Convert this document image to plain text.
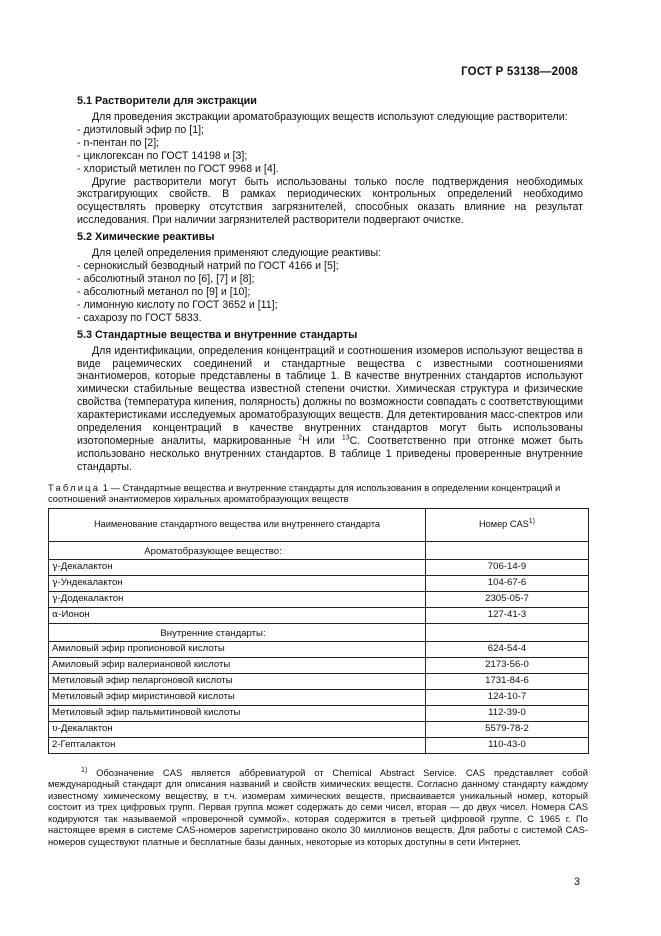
ГОСТ Р 53138—2008
5.1 Растворители для экстракции

Для проведения экстракции ароматобразующих веществ используют следующие растворители:

- диэтиловый эфир по [1];

- n-пентан по [2];

- циклогексан по ГОСТ 14198 и [3];

- хлористый метилен по ГОСТ 9968 и [4].

Другие растворители могут быть использованы только после подтверждения необходимых экстрагирующих свойств. В рамках периодических контрольных определений необходимо осуществлять проверку отсутствия загрязнителей, способных оказать влияние на результат исследования. При наличии загрязнителей растворители подвергают очистке.

5.2 Химические реактивы

Для целей определения применяют следующие реактивы:

- сернокислый безводный натрий по ГОСТ 4166 и [5];

- абсолютный этанол по [6], [7] и [8];

- абсолютный метанол по [9] и [10];

- лимонную кислоту по ГОСТ 3652 и [11];

- сахарозу по ГОСТ 5833.

5.3 Стандартные вещества и внутренние стандарты

Для идентификации, определения концентраций и соотношения изомеров используют вещества в виде рацемических соединений и стандартные вещества с известными соотношениями энантиомеров, которые представлены в таблице 1. В качестве внутренних стандартов используют химически стабильные вещества известной степени очистки. Химическая структура и физические свойства (температура кипения, полярность) должны по возможности совпадать с соответствующими характеристиками исследуемых ароматобразующих веществ. Для детектирования масс-спектров или определения концентраций в качестве внутренних стандартов могут быть использованы изотопомерные аналиты, маркированные $^2$H или $^{13}$C. Соответственно при отгонке может быть использовано несколько внутренних стандартов. В таблице 1 приведены проверенные внутренние стандарты.

Таблица 1 — Стандартные вещества и внутренние стандарты для использования в определении концентраций и соотношений энантиомеров хиральных ароматобразующих веществ
Наименование стандартного вещества или внутреннего стандарта	Номер CAS$^{1)}$
Ароматобразующее вещество:	
γ-Декалактон	706-14-9
γ-Ундекалактон	104-67-6
γ-Додекалактон	2305-05-7
α-Ионон	127-41-3
Внутренние стандарты:	
Амиловый эфир пропионовой кислоты	624-54-4
Амиловый эфир валериановой кислоты	2173-56-0
Метиловый эфир пеларгоновой кислоты	1731-84-6
Метиловый эфир миристиновой кислоты	124-10-7
Метиловый эфир пальмитиновой кислоты	112-39-0
υ-Декалактон	5579-78-2
2-Гепталактон	110-43-0

$^{1)}$ Обозначение CAS является аббревиатурой от Chemical Abstract Service. CAS представляет собой международный стандарт для описания названий и свойств химических веществ. Согласно данному стандарту каждому известному химическому веществу, в т.ч. изомерам химических веществ, присваивается уникальный номер, который состоит из трех цифровых групп. Первая группа может содержать до семи чисел, вторая — до двух чисел. Номера CAS кодируются так называемой «проверочной суммой», которая содержится в третьей цифровой группе. С 1965 г. По настоящее время в системе CAS-номеров зарегистрировано около 30 миллионов веществ. Для работы с системой CAS-номеров существуют платные и бесплатные базы данных, некоторые из которых доступны в сети Интернет.

3
